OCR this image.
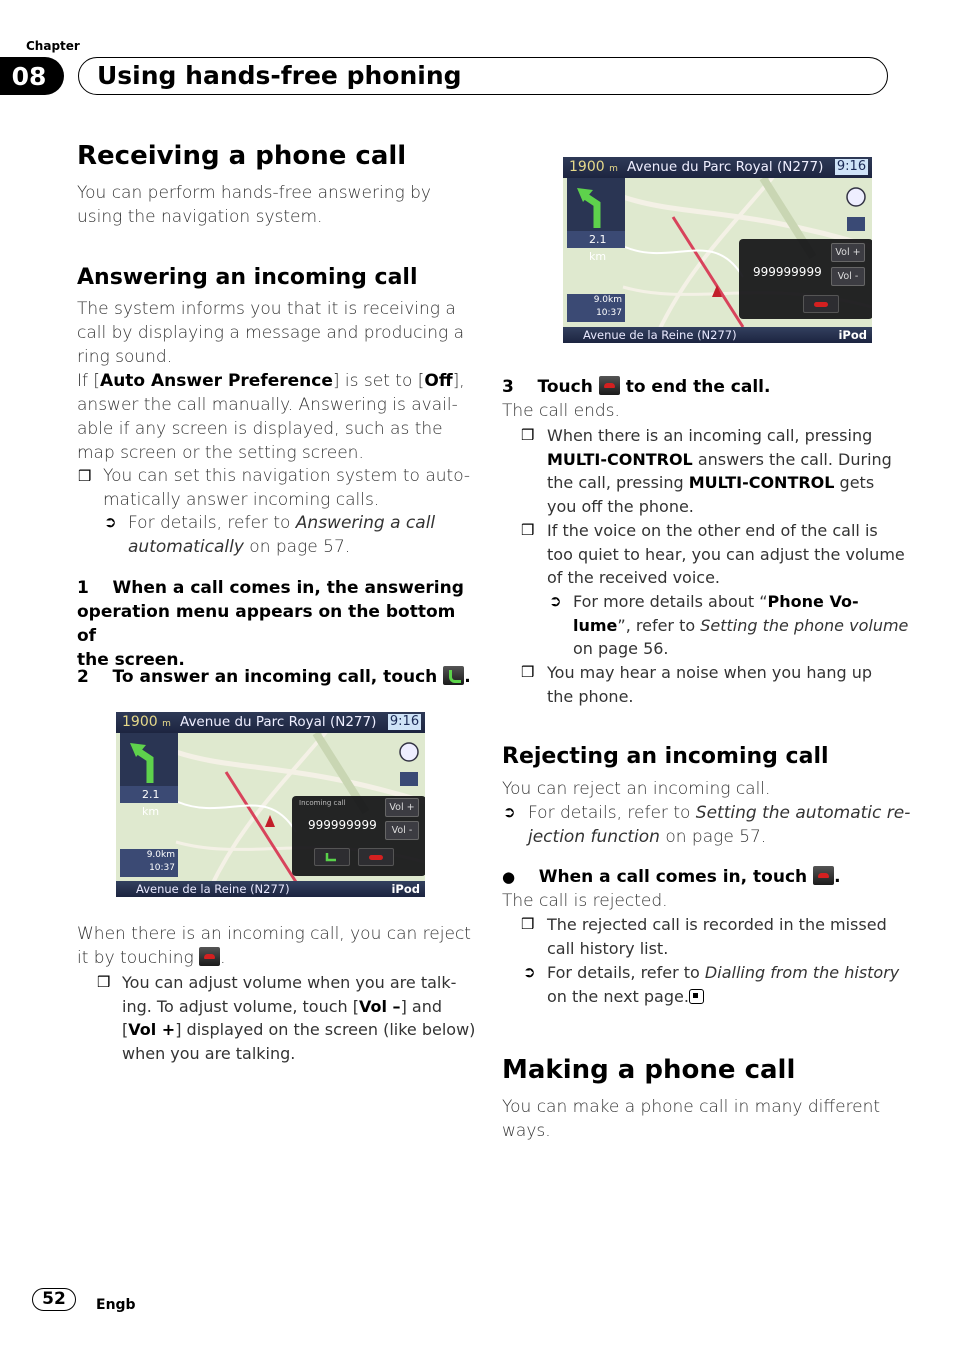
Chapter
08	Using hands-free phoning
Receiving a phone call
You can perform hands-free answering by
using the navigation system.
Answering an incoming call
The system informs you that it is receiving a
call by displaying a message and producing a
ring sound.
If [Auto Answer Preference] is set to [Off],
answer the call manually. Answering is avail-
able if any screen is displayed, such as the
map screen or the setting screen.
❒ You can set this navigation system to auto-
matically answer incoming calls.
➲ For details, refer to Answering a call
automatically on page 57.
1 When a call comes in, the answering
operation menu appears on the bottom of
the screen.
2 To answer an incoming call, touch .
1900 m Avenue du Parc Royal (N277) 9:16
2.1 km
9.0km
10:37
Incoming call
999999999
Vol +
Vol -
Avenue de la Reine (N277)	iPod
When there is an incoming call, you can reject
it by touching .
❒ You can adjust volume when you are talk-
ing. To adjust volume, touch [Vol –] and
[Vol +] displayed on the screen (like below)
when you are talking.
1900 m Avenue du Parc Royal (N277) 9:16
2.1 km
9.0km
10:37
999999999
Vol +
Vol -
Avenue de la Reine (N277)	iPod
3 Touch to end the call.
The call ends.
❒ When there is an incoming call, pressing
MULTI-CONTROL answers the call. During
the call, pressing MULTI-CONTROL gets
you off the phone.
❒ If the voice on the other end of the call is
too quiet to hear, you can adjust the volume
of the received voice.
➲ For more details about “Phone Vo-
lume”, refer to Setting the phone volume
on page 56.
❒ You may hear a noise when you hang up
the phone.
Rejecting an incoming call
You can reject an incoming call.
➲ For details, refer to Setting the automatic re-
jection function on page 57.
● When a call comes in, touch .
The call is rejected.
❒ The rejected call is recorded in the missed
call history list.
➲ For details, refer to Dialling from the history
on the next page.
Making a phone call
You can make a phone call in many different
ways.
52	Engb
